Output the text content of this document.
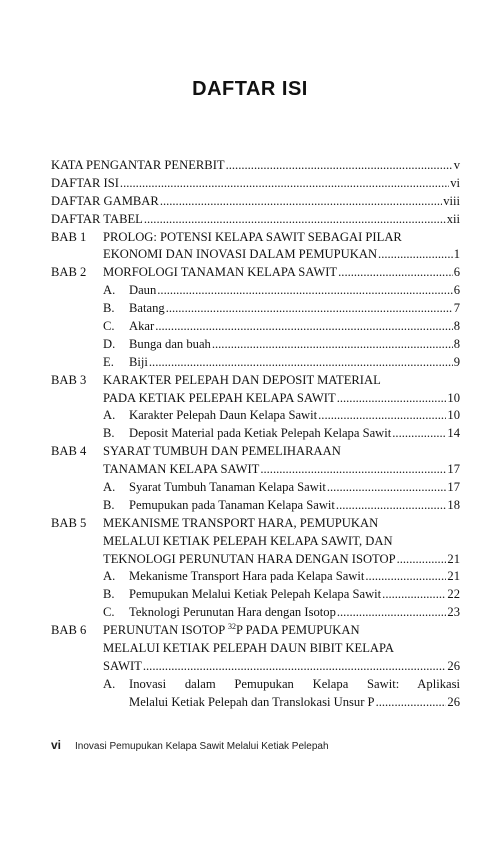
DAFTAR ISI
KATA PENGANTAR PENERBIT .....	v
DAFTAR ISI .....	vi
DAFTAR GAMBAR .....	viii
DAFTAR TABEL .....	xii
BAB 1	PROLOG: POTENSI KELAPA SAWIT SEBAGAI PILAR
EKONOMI DAN INOVASI DALAM PEMUPUKAN .....	1
BAB 2	MORFOLOGI TANAMAN KELAPA SAWIT .....	6
A.	Daun .....	6
B.	Batang .....	7
C.	Akar .....	8
D.	Bunga dan buah .....	8
E.	Biji .....	9
BAB 3	KARAKTER PELEPAH DAN DEPOSIT MATERIAL
PADA KETIAK PELEPAH KELAPA SAWIT .....	10
A.	Karakter Pelepah Daun Kelapa Sawit .....	10
B.	Deposit Material pada Ketiak Pelepah Kelapa Sawit .....	14
BAB 4	SYARAT TUMBUH DAN PEMELIHARAAN
TANAMAN KELAPA SAWIT .....	17
A.	Syarat Tumbuh Tanaman Kelapa Sawit .....	17
B.	Pemupukan pada Tanaman Kelapa Sawit .....	18
BAB 5	MEKANISME TRANSPORT HARA, PEMUPUKAN
MELALUI KETIAK PELEPAH KELAPA SAWIT, DAN
TEKNOLOGI PERUNUTAN HARA DENGAN ISOTOP .....	21
A.	Mekanisme Transport Hara pada Kelapa Sawit .....	21
B.	Pemupukan Melalui Ketiak Pelepah Kelapa Sawit .....	22
C.	Teknologi Perunutan Hara dengan Isotop .....	23
BAB 6	PERUNUTAN ISOTOP $^{32}$P PADA PEMUPUKAN
MELALUI KETIAK PELEPAH DAUN BIBIT KELAPA
SAWIT .....	26
A.	Inovasi dalam Pemupukan Kelapa Sawit: Aplikasi
Melalui Ketiak Pelepah dan Translokasi Unsur P .....	26
vi Inovasi Pemupukan Kelapa Sawit Melalui Ketiak Pelepah
